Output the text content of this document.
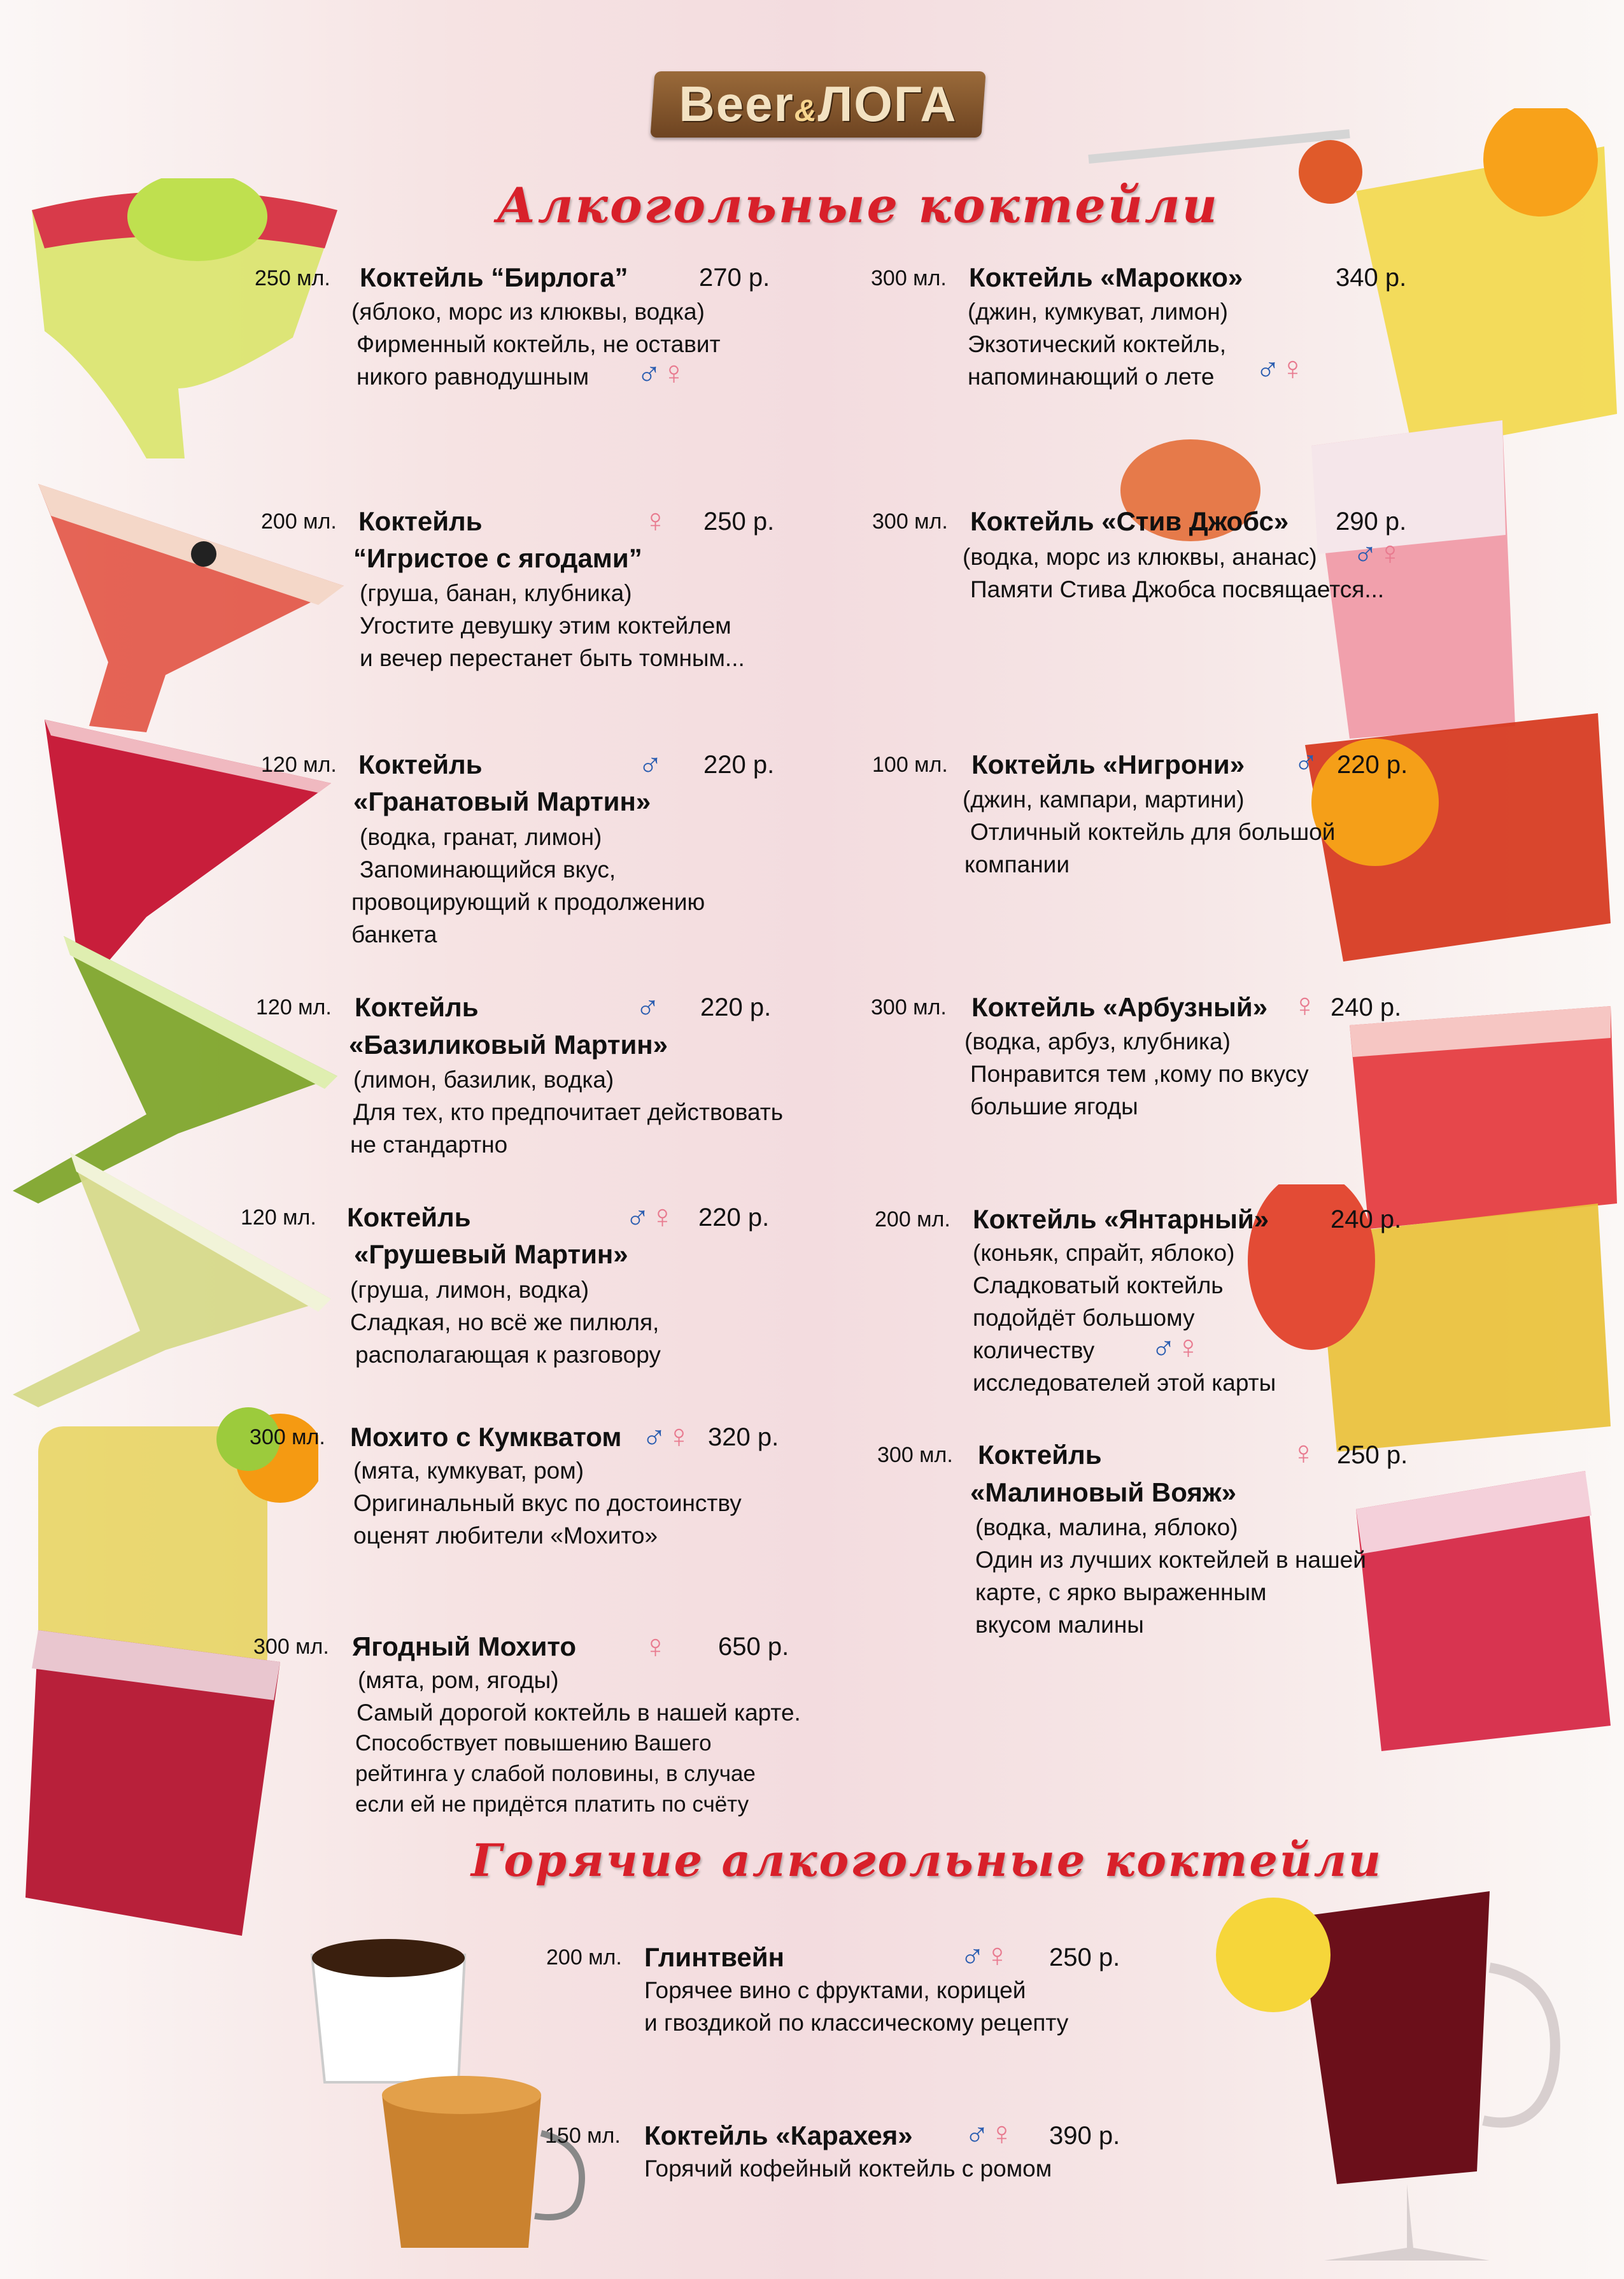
Beer&ЛОГА
Алкогольные коктейли
Горячие алкогольные коктейли
250 мл. Коктейль “Бирлога”	270 р.
(яблоко, морс из клюквы, водка)
Фирменный коктейль, не оставит
никого равнодушным ♂♀
200 мл. Коктейль
“Игристое с ягодами”
250 р.
(груша, банан, клубника)
Угостите девушку этим коктейлем
и вечер перестанет быть томным...
♀
120 мл. Коктейль
«Гранатовый Мартин»
220 р.
(водка, гранат, лимон)
Запоминающийся вкус,
провоцирующий к продолжению
банкета
♂
120 мл. Коктейль
«Базиликовый Мартин»
220 р.
(лимон, базилик, водка)
Для тех, кто предпочитает действовать
не стандартно
♂
120 мл. Коктейль
«Грушевый Мартин»
220 р.
(груша, лимон, водка)
Сладкая, но всё же пилюля,
располагающая к разговору
♂♀
300 мл. Мохито с Кумкватом	320 р.
(мята, кумкуват, ром)
Оригинальный вкус по достоинству
оценят любители «Мохито»
♂♀
300 мл. Ягодный Мохито	650 р.
(мята, ром, ягоды)
Самый дорогой коктейль в нашей карте.
Способствует повышению Вашего
рейтинга у слабой половины, в случае
если ей не придётся платить по счёту
♀
300 мл. Коктейль «Марокко»	340 р.
(джин, кумкуват, лимон)
Экзотический коктейль,
напоминающий о лете ♂♀
300 мл. Коктейль «Стив Джобс» 290 р.
(водка, морс из клюквы, ананас)
Памяти Стива Джобса посвящается...
♂♀
100 мл. Коктейль «Нигрони»	220 р.
(джин, кампари, мартини)
Отличный коктейль для большой
компании
♂
300 мл. Коктейль «Арбузный» 240 р.
(водка, арбуз, клубника)
Понравится тем ,кому по вкусу
большие ягоды
♀
200 мл. Коктейль «Янтарный» 240 р.
(коньяк, спрайт, яблоко)
Сладковатый коктейль
подойдёт большому
количеству
исследователей этой карты
♂♀
300 мл. Коктейль
«Малиновый Вояж»
250 р.
(водка, малина, яблоко)
Один из лучших коктейлей в нашей
карте, с ярко выраженным
вкусом малины
♀
200 мл. Глинтвейн	250 р.
Горячее вино с фруктами, корицей
и гвоздикой по классическому рецепту
♂♀
150 мл. Коктейль «Карахея»	390 р.
Горячий кофейный коктейль с ромом
♂♀
